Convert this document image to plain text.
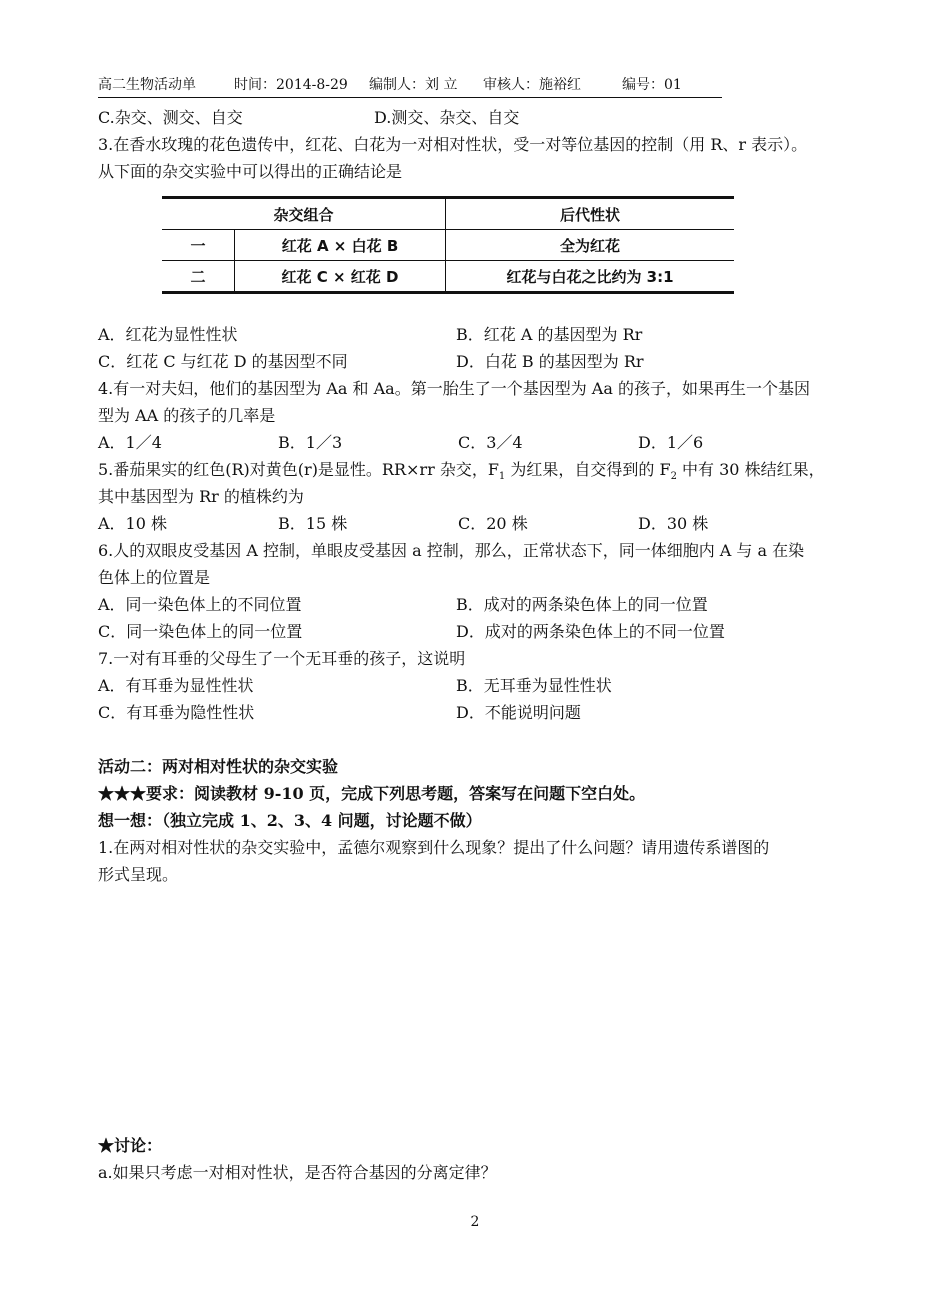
高二生物活动单	时间：2014-8-29 编制人：刘 立 审核人：施裕红	编号：01
C.杂交、测交、自交	D.测交、杂交、自交
3.在香水玫瑰的花色遗传中，红花、白花为一对相对性状，受一对等位基因的控制（用 R、r 表示）。
从下面的杂交实验中可以得出的正确结论是
A．红花为显性性状	B．红花 A 的基因型为 Rr
C．红花 C 与红花 D 的基因型不同	D．白花 B 的基因型为 Rr
4.有一对夫妇，他们的基因型为 Aa 和 Aa。第一胎生了一个基因型为 Aa 的孩子，如果再生一个基因
型为 AA 的孩子的几率是
A．1／4	B．1／3	C．3／4	D．1／6
5.番茄果实的红色(R)对黄色(r)是显性。RR×rr 杂交，$F_1$ 为红果，自交得到的 $F_2$ 中有 30 株结红果，
其中基因型为 Rr 的植株约为
A．10 株	B．15 株	C．20 株	D．30 株
6.人的双眼皮受基因 A 控制，单眼皮受基因 a 控制，那么，正常状态下，同一体细胞内 A 与 a 在染
色体上的位置是
A．同一染色体上的不同位置	B．成对的两条染色体上的同一位置
C．同一染色体上的同一位置	D．成对的两条染色体上的不同一位置
7.一对有耳垂的父母生了一个无耳垂的孩子，这说明
A．有耳垂为显性性状	B．无耳垂为显性性状
C．有耳垂为隐性性状	D．不能说明问题
活动二：两对相对性状的杂交实验
★★★要求：阅读教材 9-10 页，完成下列思考题，答案写在问题下空白处。
想一想：（独立完成 1、2、3、4 问题，讨论题不做）
1.在两对相对性状的杂交实验中，孟德尔观察到什么现象？提出了什么问题？请用遗传系谱图的
形式呈现。
★讨论：
a.如果只考虑一对相对性状，是否符合基因的分离定律？
杂交组合		后代性状
一	红花 A × 白花 B	全为红花
二	红花 C × 红花 D	红花与白花之比约为 3:1
2
